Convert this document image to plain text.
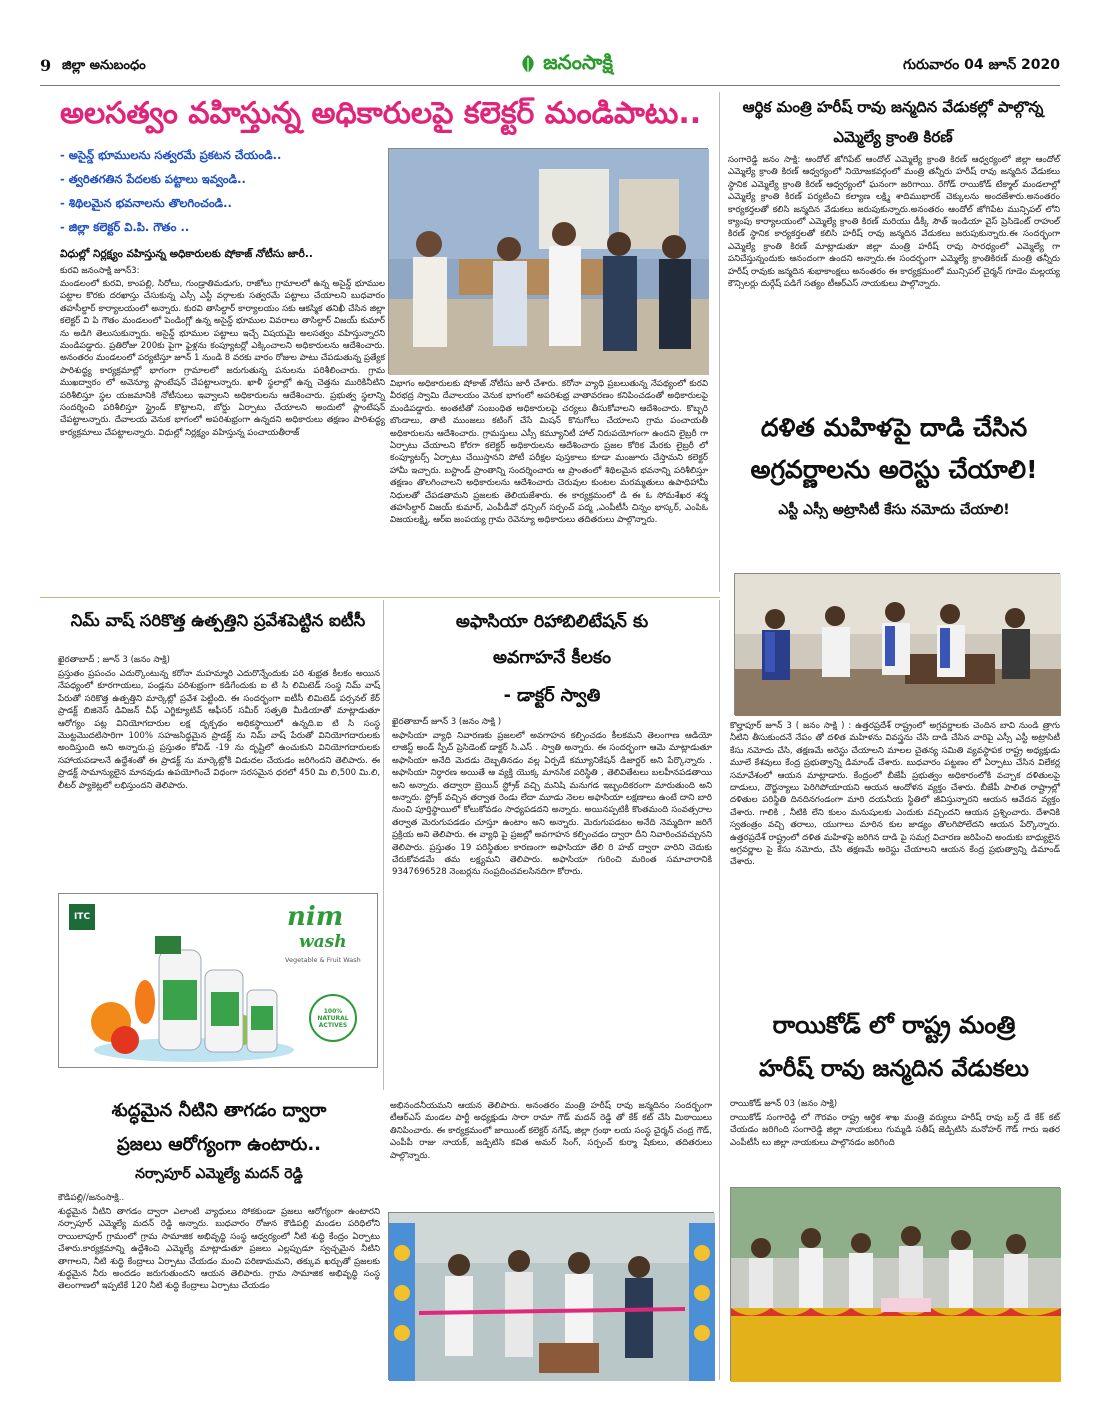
9 జిల్లా అనుబంధం	జనంసాక్షి	గురువారం 04 జూన్ 2020
అలసత్వం వహిస్తున్న అధికారులపై కలెక్టర్ మండిపాటు..
- అసైన్డ్ భూములను సత్వరమే ప్రకటన చేయండి..
- త్వరితగతిన పేదలకు పట్టాలు ఇవ్వండి..
- శిథిలమైన భవనాలను తొలగించండి..
- జిల్లా కలెక్టర్ వి.పి. గౌతం ..
విధుల్లో నిర్లక్ష్యం వహిస్తున్న అధికారులకు షోకాజ్ నోటీసు జారీ..
కురవి జనంసాక్షి జూన్3:
మండలంలో కురవి, కాంపల్లి, సిరోలు, గుండ్రాతిమడుగు, రాజోలు గ్రామాలలో ఉన్న అసైన్డ్ భూముల పట్టాల కొరకు దరఖాస్తు చేసుకున్న ఎస్సీ ఎస్టీ వర్గాలకు సత్వరమే పట్టాలు చేయాలని బుధవారం తహసీల్దార్ కార్యాలయంలో అన్నారు. కురవి తాసిల్దార్ కార్యాలయం సకు ఆకస్మిక తనిఖీ చేసిన జిల్లా కలెక్టర్ వి పి గౌతం మండలంలో పెండింగ్లో ఉన్న అసైన్డ్ భూముల వివరాలు తాసిల్దార్ విజయ్ కుమార్ ను అడిగి తెలుసుకున్నారు. అసైన్డ్ భూముల పట్టాలు ఇచ్చే విషయమై అలసత్వం వహిస్తున్నారని మండిపడ్డారు. ప్రతిరోజు 200కు పైగా ఫైళ్లను కంప్యూటర్లో ఎక్కించాలని అధికారులను ఆదేశించారు. అనంతరం మండలంలో పర్యటిస్తూ జూన్ 1 నుండి 8 వరకు వారం రోజుల పాటు చేపడుతున్న ప్రత్యేక పారిశుద్ధ్య కార్యక్రమాల్లో భాగంగా గ్రామాలలో జరుగుతున్న పనులను పరిశీలించారు. గ్రామ ముఖద్వారం లో అవెన్యూ ప్లాంటేషన్ చేపట్టాలన్నారు. ఖాళీ స్థలాల్లో ఉన్న చెత్తను మురికినీటిని పరిశీలిస్తూ స్థల యజమానికి నోటీసులు ఇవ్వాలని అధికారులను ఆదేశించారు. ప్రభుత్వ స్థలాన్ని సందర్శించి పరిశీలిస్తూ స్ట్రైండ్ కొట్టాలని, బోర్డు ఏర్పాటు చేయాలని అందులో ప్లాంటేషన్ చేపట్టాలన్నారు. దేవాలయ వెనుక భాగంలో అపరిశుభ్రంగా ఉన్నదని అధికారులు తక్షణం పారిశుద్ధ్య కార్యక్రమాలు చేపట్టాలన్నారు. విధుల్లో నిర్లక్ష్యం వహిస్తున్న పంచాయతీరాజ్
విభాగం అధికారులకు షోకాజ్ నోటీసు జారీ చేశారు. కరోనా వ్యాధి ప్రబలుతున్న నేపథ్యంలో కురవి వీరభద్ర స్వామి దేవాలయం వెనుక భాగంలో అపరిశుభ్ర వాతావరణం కనిపించడంతో అధికారులపై మండిపడ్డారు. అంతటితో సంబంధిత అధికారులపై చర్యలు తీసుకోవాలని ఆదేశించారు. కొబ్బరి బొండాలు, తాటి ముంజలు కటింగ్ చేసే మిషన్ కొనుగోలు చేయాలని గ్రామ పంచాయతీ అధికారులను ఆదేశించారు. గ్రామస్తులు ఎస్సీ కమ్యూనిటీ హాల్ నిరుపయోగంగా ఉందని లైబ్రరీ గా ఏర్పాటు చేయాలని కోరగా కలెక్టర్ అధికారులను ఆదేశించారు ప్రజల కోరిక మేరకు లైబ్రరీ లో కంప్యూటర్స్ ఏర్పాటు చేయిస్తానని పోటీ పరీక్షల పుస్తకాలు కూడా మంజూరు చేస్తామని కలెక్టర్ హామీ ఇచ్చారు. బస్టాండ్ ప్రాంతాన్ని సందర్శించారు ఆ ప్రాంతంలో శిథిలమైన భవనాన్ని పరిశీలిస్తూ తక్షణం తొలగించాలని అధికారులను ఆదేశించారు చెరువుల కుంటల మరమ్మతులు ఉపాధిహామీ నిధులతో చేపడతామని ప్రజలకు తెలియజేశారు. ఈ కార్యక్రమంలో డి ఈ ఓ సోమశేఖర శర్మ తహసిల్దార్ విజయ్ కుమార్, ఎంపీడీవో ధన్సింగ్ సర్పంచ్ పద్మ ,ఎంపీటీసీ చిన్నం భాస్కర్, ఎంపిఓ విజయలక్ష్మి, ఆర్ఐ జంపయ్య గ్రామ రెవెన్యూ అధికారులు తదితరులు పాల్గొన్నారు.
ఆర్థిక మంత్రి హరీష్ రావు జన్మదిన వేడుకల్లో పాల్గొన్న ఎమ్మెల్యే క్రాంతి కిరణ్
సంగారెడ్డి జనం సాక్షి: ఆందోల్ జోగిపేట్ ఆందోల్ ఎమ్మెల్యే క్రాంతి కిరణ్ ఆధ్వర్యంలో జిల్లా ఆందోల్ ఎమ్మెల్యే క్రాంతి కిరణ్ ఆధ్వర్యంలో నియోజకవర్గంలో మంత్రి తన్నీరు హరీష్ రావు జన్మదిన వేడుకలు స్థానిక ఎమ్మెల్యే క్రాంతి కిరణ్ ఆధ్వర్యంలో ఘనంగా జరిగాయి. రేగోడ్ రాయికోడ్ టేక్మాల్ మండలాల్లో ఎమ్మెల్యే క్రాంతి కిరణ్ పర్యటించి కల్యాణ లక్ష్మి శాదిముభారక్ చెక్కులను అందజేశారు.అనంతరం కార్యకర్తలతో కలిసి జన్మదిన వేడుకలు జరుపుకున్నారు.అనంతరం ఆందోల్ జోగిపేట మున్సిపల్ లోని క్యాంపు కార్యాలయంలో ఎమ్మెల్యే క్రాంతి కిరణ్ మరియు డీక్కీ సౌత్ ఇండియా వైస్ ప్రెసిడెంట్ రాహుల్ కిరణ్ స్థానిక కార్యకర్తలతో కలిసి హరీష్ రావు జన్మదిన వేడుకలు జరుపుకున్నారు.ఈ సందర్భంగా ఎమ్మెల్యే క్రాంతి కిరణ్ మాట్లాడుతూ జిల్లా మంత్రి హరీష్ రావు సారధ్యంలో ఎమ్మెల్యే గా పనిచేస్తున్నందుకు ఆనందంగా ఉందని అన్నారు.ఈ సందర్భంగా ఎమ్మెల్యే క్రాంతికిరణ్ మంత్రి తన్నీరు హరీష్ రావుకు జన్మదిన శుభాకాంక్షలు అనంతరం ఈ కార్యక్రమంలో మున్సిపల్ చైర్మన్ గూడెం మల్లయ్య కౌన్సిలర్లు దుర్గేష్ పడిగే సత్యం టీఆర్ఎస్ నాయకులు పాల్గొన్నారు.
దళిత మహిళపై దాడి చేసిన
అగ్రవర్ణాలను అరెస్టు చేయాలి!
ఎస్టీ ఎస్సీ అట్రాసిటీ కేసు నమోదు చేయాలి!
కొల్హాపూర్ జూన్ 3 ( జనం సాక్షి ) : ఉత్తరప్రదేశ్ రాష్ట్రంలో అగ్రవర్ణాలకు చెందిన బావి నుండి త్రాగు నీటిని తీసుకుందనే నేపం తో దళిత మహిళను వివస్త్రను చేసి దాడి చేసిన వారిపై ఎస్సీ ఎస్టీ అట్రాసిటీ కేసు నమోదు చేసి, తక్షణమే అరెస్టు చేయాలని మాలల చైతన్య సమితి వ్యవస్థాపక రాష్ట్ర అధ్యక్షుడు మూలే కేశవులు కేంద్ర ప్రభుత్వాన్ని డిమాండ్ చేశారు. బుధవారం పట్టణం లో ఏర్పాటు చేసిన విలేకర్ల సమావేశంలో ఆయన మాట్లాడారు. కేంద్రంలో బీజేపీ ప్రభుత్వం అధికారంలోకి వచ్చాక దళితులపై దాడులు, దౌర్జన్యాలు పెరిగిపోయాయని ఆయన ఆందోళన వ్యక్తం చేశారు. బీజేపీ పాలిత రాష్ట్రాల్లో దళితుల పరిస్థితి దినదినగండంగా మారి దయనీయ స్థితిలో జీవిస్తున్నారని ఆయన ఆవేదన వ్యక్తం చేశారు. గాలికి , నీటికి లేని కులం మనుషులకు ఎందుకు వచ్చిందని ఆయన ప్రశ్నించారు. దేశానికి స్వతంత్రం వచ్చి తరాలు, యుగాలు మారిన కుల జాడ్యం తొలగిపోలేదని ఆయన పేర్కొన్నారు. ఉత్తరప్రదేశ్ రాష్ట్రంలో దళిత మహిళపై జరిగిన దాడి పై సమగ్ర విచారణ జరిపించి అందుకు బాధ్యులైన అగ్రవర్ణాల పై కేసు నమోదు, చేసి తక్షణమే అరెస్టు చేయాలని ఆయన కేంద్ర ప్రభుత్వాన్ని డిమాండ్ చేశారు.
నిమ్ వాష్ సరికొత్త ఉత్పత్తిని ప్రవేశపెట్టిన ఐటీసీ
ఖైరతాబాద్ ; జూన్ 3 (జనం సాక్షి)
ప్రస్తుతం ప్రపంచం ఎదుర్కొంటున్న కరోనా మహమ్మారి ఎదురొన్నేందుకు పరి శుభ్రత కీలకం అయిన నేపధ్యంలో కూరగాయలు, పండ్లను పరిశుభ్రంగా కడిగేందుకు ఐ టి సి లిమిటెడ్ సంస్థ నిమ్ వాష్ పేరుతో సరికొత్త ఉత్పత్తిని మార్కెట్లో ప్రవేశ పెట్టింది. ఈ సందర్భంగా ఐటీసీ లిమిటెడ్ పర్సనల్ కేర్ ప్రాడక్ట్ బిజినెస్ డివిజన్ చీఫ్ ఎగ్జిక్యూటివ్ ఆఫీసర్ సమీర్ సత్పతి మీడియాతో మాట్లాడుతూ ఆరోగ్యం పట్ల వినియోగదారుల లక్ష దృక్పథం అధికస్థాయిలో ఉన్నది.ఐ టి సి సంస్థ మొట్టమొదటిసారిగా 100% సహజసిద్ధమైన ప్రాడక్ట్ ను నిమ్ వాష్ పేరుతో వినియోగదారులకు అందిస్తుంది అని అన్నారు.ప్ర ప్రస్తుతం కోవిడ్ -19 ను దృష్టిలో ఉంచుకుని వినియోగదారులకు సహాయపడాలనే ఉద్దేశంతో ఈ ప్రాడక్ట్ ను మార్కెట్లోకి విడుదల చేయడం జరిగిందని తెలిపారు. ఈ ప్రాడక్ట్ సామాన్యులైన మానవుడు ఉపయోగించే విధంగా సరసమైన ధరలో 450 మి లి,500 మి.లి, లీటర్ ప్యాకెట్లలో లభిస్తుందని తెలిపారు.
ITC	nim
wash
Vegetable & Fruit Wash
100% NATURAL ACTIVES
అఫాసియా రిహాబిలిటేషన్ కు
అవగాహనే కీలకం
- డాక్టర్ స్వాతి
ఖైరతాబాద్ జూన్ 3 (జనం సాక్షి )
అఫాసియా వ్యాధి నివారణకు ప్రజలలో అవగాహన కల్పించడం కీలకమని తెలంగాణ ఆడియో లాజిస్ట్ అండ్ స్పీచ్ ప్రెసిడెంట్ డాక్టర్ సి.ఎస్ . స్వాతి అన్నారు. ఈ సందర్భంగా ఆమె మాట్లాడుతూ అఫాసియా అనేది మెదడు దెబ్బతినడం వల్ల ఏర్పడే కమ్యూనికేషన్ డిజార్డర్ అని పేర్కొన్నారు . అఫాసియా నిర్ధారణ అయితే ఆ వ్యక్తి యొక్క మానసిక పరిస్థితి , తెలివితేటలు బలహీనపడతాయి అని అన్నారు. తద్వారా బ్రెయిన్ స్ట్రోక్ వచ్చి మనిషి మనుగడ ఇబ్బందికరంగా మారుతుంది అని అన్నారు. స్ట్రోక్ వచ్చిన తర్వాత రెండు లేదా మూడు నెలల అఫాసియా లక్షణాలు ఉంటే దాని బారి నుంచి పూర్తిస్థాయిలో కోలుకోవడం సాధ్యపడదని అన్నారు. అయినప్పటికీ కొంతమంది సంవత్సరాల తర్వాత మెరుగుపడడం చూస్తూ ఉంటాం అని అన్నారు. మెరుగుపడటం అనేది నెమ్మదిగా జరిగే ప్రక్రియ అని తెలిపారు. ఈ వ్యాధి పై ప్రజల్లో అవగాహన కల్పించడం ద్వారా దీని నివారించవచ్చునని తెలిపారు. ప్రస్తుతం 19 పరిస్థితుల కారణంగా అఫాసియా తేలి రి హబ్ ద్వారా వారిని చెదుకు చేరుకోవడమే తమ లక్ష్యమని తెలిపారు. అఫాసియా గురించి మరింత సమాచారానికి 9347696528 నెంబర్లను సంప్రదించవలసినదిగా కోరారు.
శుద్ధమైన నీటిని తాగడం ద్వారా
ప్రజలు ఆరోగ్యంగా ఉంటారు..
నర్సాపూర్ ఎమ్మెల్యే మదన్ రెడ్డి
కౌడిపల్లి//జనంసాక్షి..
శుద్ధమైన నీటిని తాగడం ద్వారా ఎలాంటి వ్యాధులు సోకకుండా ప్రజలు ఆరోగ్యంగా ఉంటారని నర్సాపూర్ ఎమ్మెల్యే మదన్ రెడ్డి అన్నారు. బుధవారం రోజున కౌడిపల్లి మండల పరిధిలోని రాయిలాపూర్ గ్రామంలో గ్రామ సామాజిక అభివృద్ధి సంస్థ ఆధ్వర్యంలో నీటి శుద్ధి కేంద్రం ఏర్పాటు చేశారు.కార్యక్రమాన్ని ఉద్దేశించి ఎమ్మెల్యే మాట్లాడుతూ ప్రజలు ఎల్లప్పుడూ స్వచ్ఛమైన నీటిని తాగాలని, నీటి శుద్ధి కేంద్రాలు ఏర్పాటు చేయడం మంచి పరిణామమని, తక్కువ ఖర్చుతో ప్రజలకు శుద్ధమైన నీరు అందడం జరుగుతుందని ఆయన తెలిపారు. గ్రామ సామాజిక అభివృద్ధి సంస్థ తెలంగాణలో ఇప్పటికే 120 నీటి శుద్ధి కేంద్రాలు ఏర్పాటు చేయడం
అభినందనీయమని ఆయన తెలిపారు. అనంతరం మంత్రి హరీష్ రావు జన్మదినం సందర్భంగా టీఆర్ఎస్ మండల పార్టీ అధ్యక్షుడు సారా రామా గౌడ్ మదన్ రెడ్డి తో కేక్ కట్ చేసి మిఠాయిలు తినిపించారు. ఈ కార్యక్రమంలో జాయింట్ కలెక్టర్ నగేష్, జిల్లా గ్రంథా లయ సంస్థ చైర్మన్ చంద్ర గౌడ్, ఎంపీపీ రాజు నాయక్, జడ్పిటిసి కవిత అమర్ సింగ్, సర్పంచ్ కుర్మా షేకులు, తదితరులు పాల్గొన్నారు.
రాయికోడ్ లో రాష్ట్ర మంత్రి
హరీష్ రావు జన్మదిన వేడుకలు
రాయికోడ్ జూన్ 03 (జనం సాక్షి)
రాయికోడ్ సంగారెడ్డి లో గౌరవం రాష్ట్ర ఆర్థిక శాఖ మంత్రి వర్యులు హరీష్ రావు బర్త్ డే కేక్ కట్ చేయడం జరిగింది సంగారెడ్డి జిల్లా నాయకులు గుమ్మడి సతీష్ జెడ్పిటిసి మనోహర్ గౌడ్ గారు ఇతర ఎంపీటీసీ లు జిల్లా నాయకులు పాల్గొనడం జరిగింది
